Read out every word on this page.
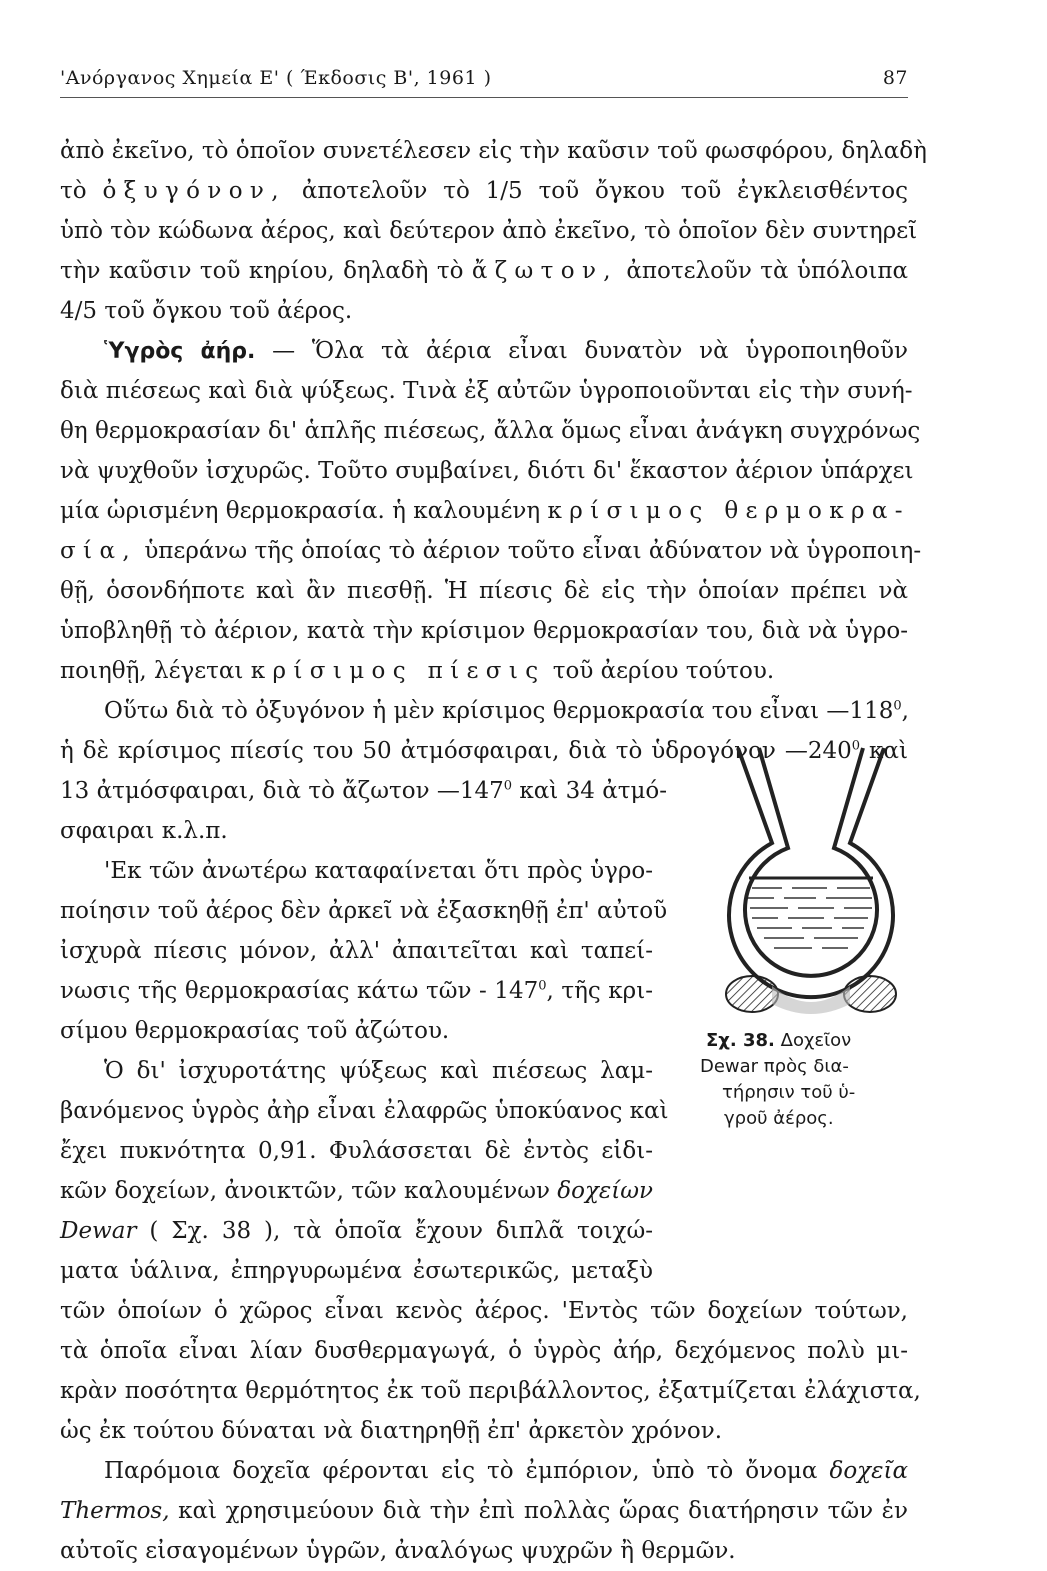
'Ανόργανος Χημεία Ε' ( Έκδοσις Β', 1961 )	87
ἀπὸ ἐκεῖνο, τὸ ὁποῖον συνετέλεσεν εἰς τὴν καῦσιν τοῦ φωσφόρου, δηλαδὴ
τὸ ὀξυγόνον, ἀποτελοῦν τὸ 1/5 τοῦ ὄγκου τοῦ ἐγκλεισθέντος
ὑπὸ τὸν κώδωνα ἀέρος, καὶ δεύτερον ἀπὸ ἐκεῖνο, τὸ ὁποῖον δὲν συντηρεῖ
τὴν καῦσιν τοῦ κηρίου, δηλαδὴ τὸ ἄζωτον, ἀποτελοῦν τὰ ὑπόλοιπα
4/5 τοῦ ὄγκου τοῦ ἀέρος.
Ὑγρὸς ἀήρ. — Ὅλα τὰ ἀέρια εἶναι δυνατὸν νὰ ὑγροποιηθοῦν
διὰ πιέσεως καὶ διὰ ψύξεως. Τινὰ ἐξ αὐτῶν ὑγροποιοῦνται εἰς τὴν συνή-
θη θερμοκρασίαν δι' ἁπλῆς πιέσεως, ἄλλα ὅμως εἶναι ἀνάγκη συγχρόνως
νὰ ψυχθοῦν ἰσχυρῶς. Τοῦτο συμβαίνει, διότι δι' ἕκαστον ἀέριον ὑπάρχει
μία ὡρισμένη θερμοκρασία. ἡ καλουμένη κρίσιμος θερμοκρα-
σία, ὑπεράνω τῆς ὁποίας τὸ ἀέριον τοῦτο εἶναι ἀδύνατον νὰ ὑγροποιη-
θῇ, ὁσονδήποτε καὶ ἂν πιεσθῇ. Ἡ πίεσις δὲ εἰς τὴν ὁποίαν πρέπει νὰ
ὑποβληθῇ τὸ ἀέριον, κατὰ τὴν κρίσιμον θερμοκρασίαν του, διὰ νὰ ὑγρο-
ποιηθῇ, λέγεται κρίσιμος πίεσις τοῦ ἀερίου τούτου.
Οὕτω διὰ τὸ ὀξυγόνον ἡ μὲν κρίσιμος θερμοκρασία του εἶναι $—118^0$,
ἡ δὲ κρίσιμος πίεσίς του 50 ἀτμόσφαιραι, διὰ τὸ ὑδρογόνον $—240^0$ καὶ
13 ἀτμόσφαιραι, διὰ τὸ ἄζωτον $—147^0$ καὶ 34 ἀτμό-
σφαιραι κ.λ.π.
'Εκ τῶν ἀνωτέρω καταφαίνεται ὅτι πρὸς ὑγρο-
ποίησιν τοῦ ἀέρος δὲν ἀρκεῖ νὰ ἐξασκηθῇ ἐπ' αὐτοῦ
ἰσχυρὰ πίεσις μόνον, ἀλλ' ἀπαιτεῖται καὶ ταπεί-
νωσις τῆς θερμοκρασίας κάτω τῶν - $147^0$, τῆς κρι-
σίμου θερμοκρασίας τοῦ ἀζώτου.
Ὁ δι' ἰσχυροτάτης ψύξεως καὶ πιέσεως λαμ-
βανόμενος ὑγρὸς ἀὴρ εἶναι ἐλαφρῶς ὑποκύανος καὶ
ἔχει πυκνότητα 0,91. Φυλάσσεται δὲ ἐντὸς εἰδι-
κῶν δοχείων, ἀνοικτῶν, τῶν καλουμένων δοχείων
Dewar ( Σχ. 38 ), τὰ ὁποῖα ἔχουν διπλᾶ τοιχώ-
ματα ὑάλινα, ἐπηργυρωμένα ἐσωτερικῶς, μεταξὺ
τῶν ὁποίων ὁ χῶρος εἶναι κενὸς ἀέρος. 'Εντὸς τῶν δοχείων τούτων,
τὰ ὁποῖα εἶναι λίαν δυσθερμαγωγά, ὁ ὑγρὸς ἀήρ, δεχόμενος πολὺ μι-
κρὰν ποσότητα θερμότητος ἐκ τοῦ περιβάλλοντος, ἐξατμίζεται ἐλάχιστα,
ὡς ἐκ τούτου δύναται νὰ διατηρηθῇ ἐπ' ἀρκετὸν χρόνον.
Παρόμοια δοχεῖα φέρονται εἰς τὸ ἐμπόριον, ὑπὸ τὸ ὄνομα δοχεῖα
Thermos, καὶ χρησιμεύουν διὰ τὴν ἐπὶ πολλὰς ὥρας διατήρησιν τῶν ἐν
αὐτοῖς εἰσαγομένων ὑγρῶν, ἀναλόγως ψυχρῶν ἢ θερμῶν.
Σχ. 38. Δοχεῖον
Dewar πρὸς δια-
τήρησιν τοῦ ὑ-
γροῦ ἀέρος.
